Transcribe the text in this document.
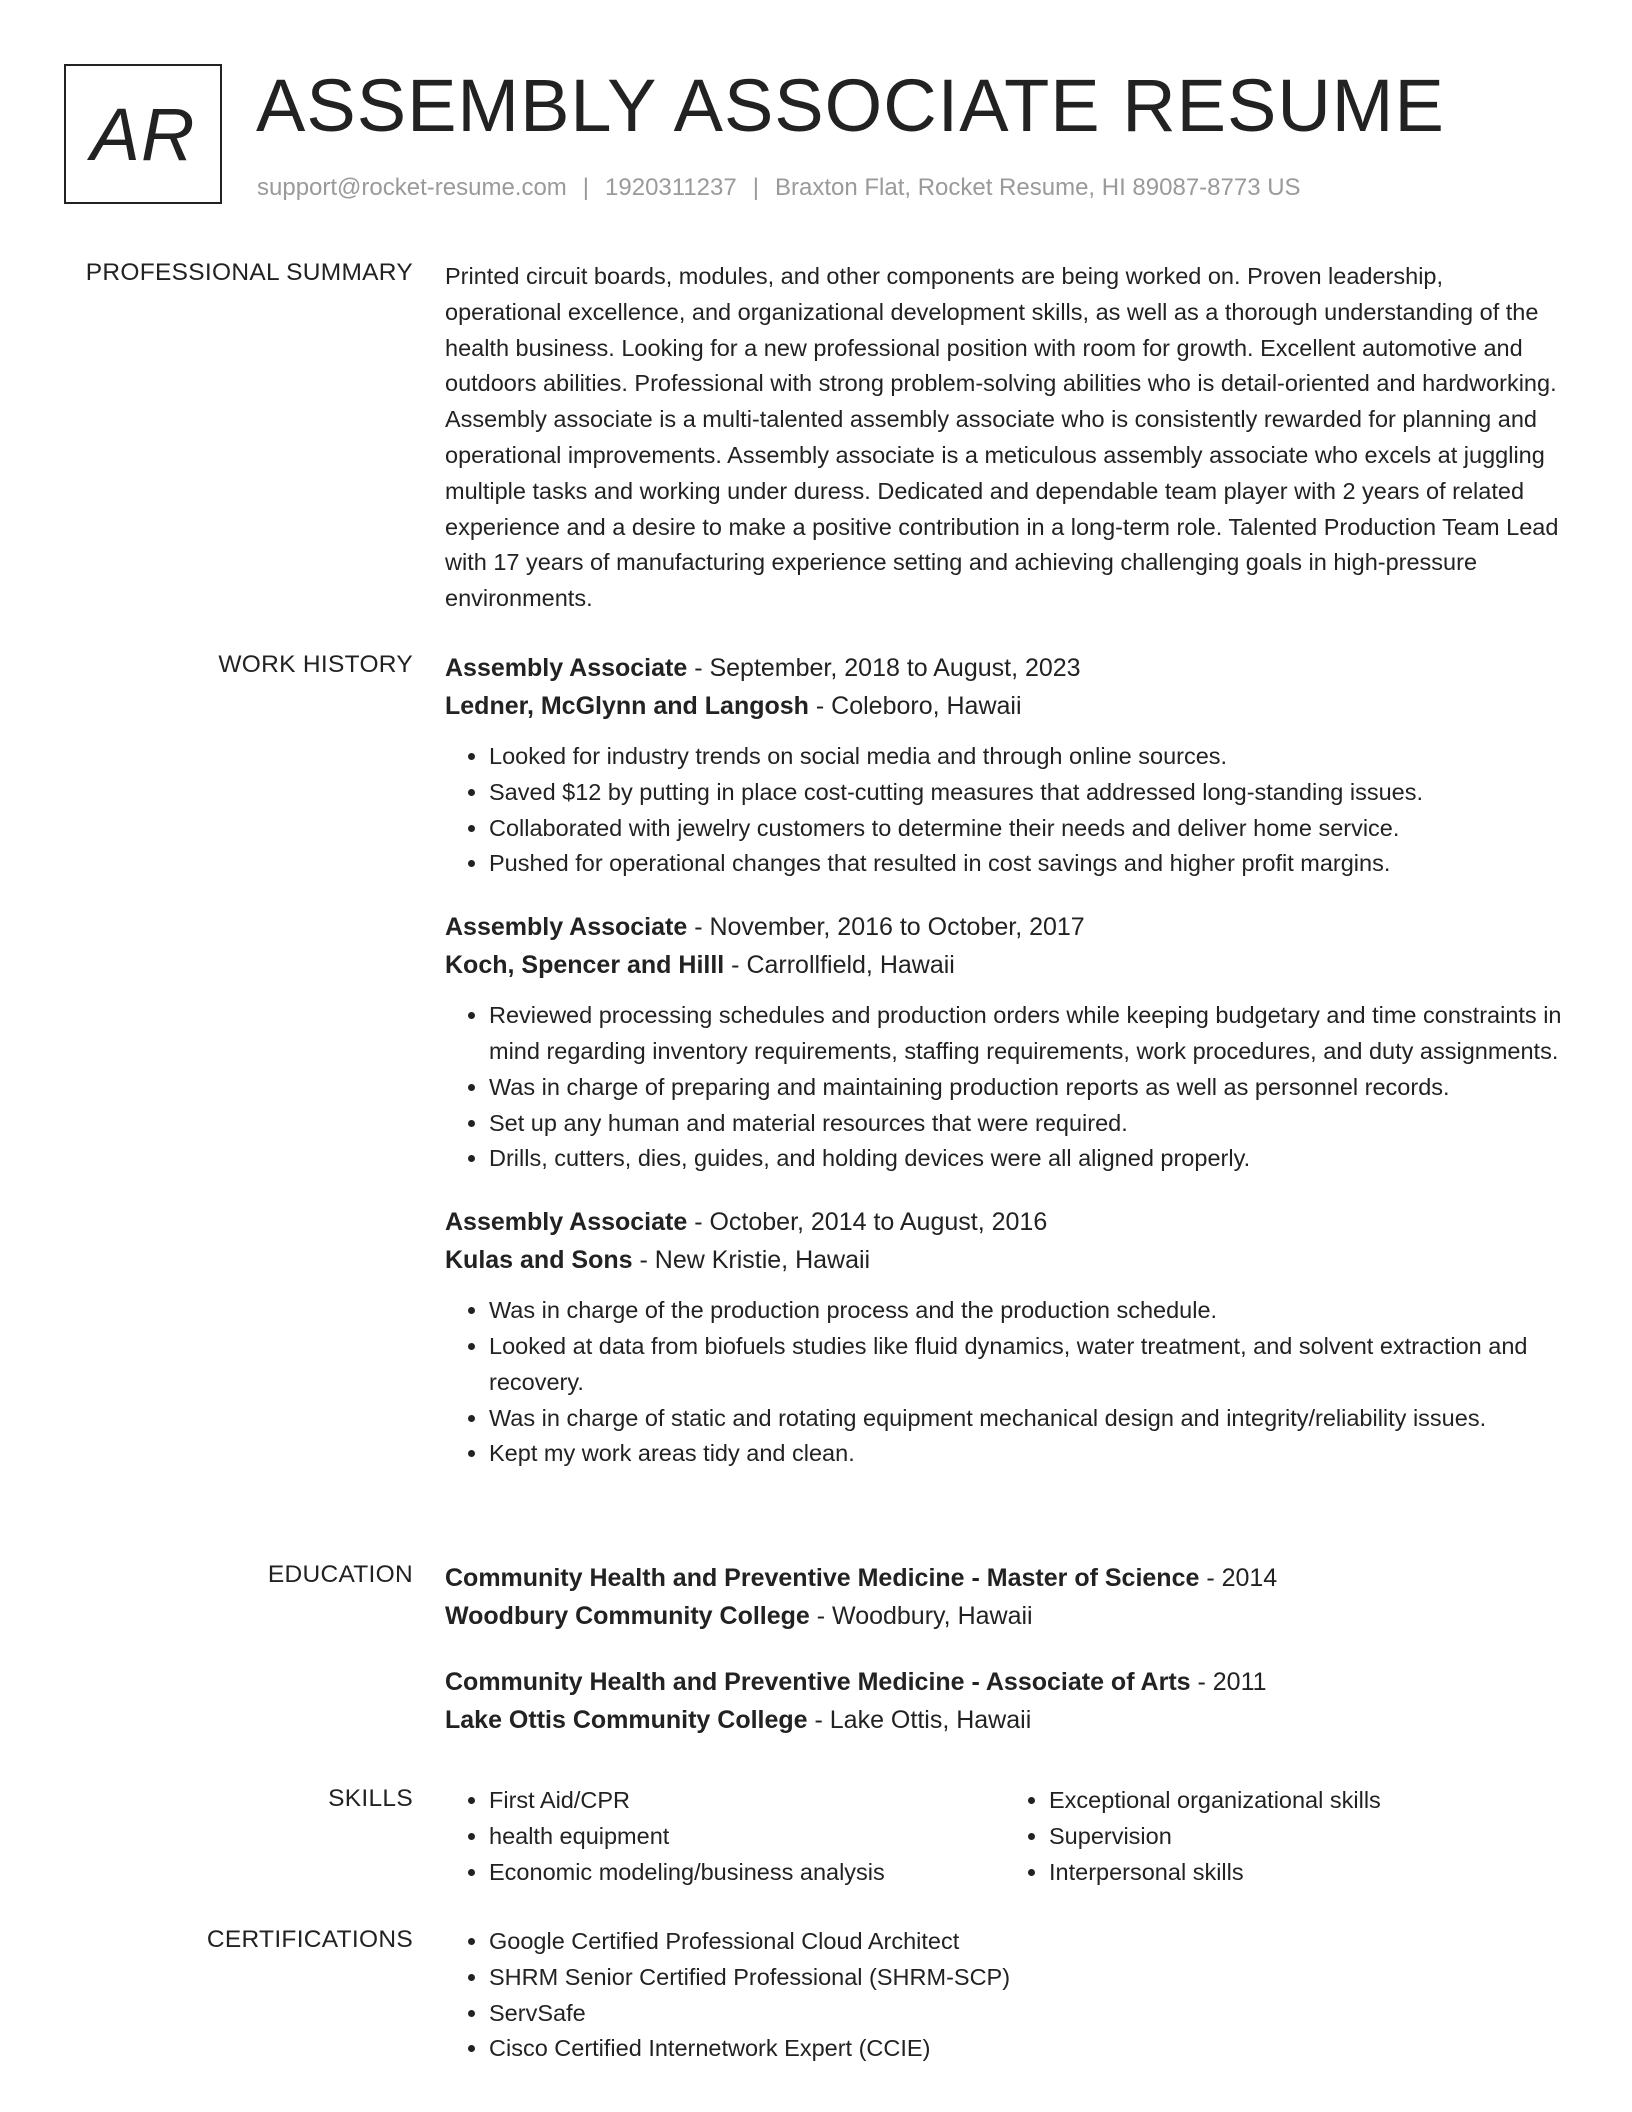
AR ASSEMBLY ASSOCIATE RESUME
support@rocket-resume.com | 1920311237 | Braxton Flat, Rocket Resume, HI 89087-8773 US
PROFESSIONAL SUMMARY Printed circuit boards, modules, and other components are being worked on. Proven leadership, operational excellence, and organizational development skills, as well as a thorough understanding of the health business. Looking for a new professional position with room for growth. Excellent automotive and outdoors abilities. Professional with strong problem-solving abilities who is detail-oriented and hardworking. Assembly associate is a multi-talented assembly associate who is consistently rewarded for planning and operational improvements. Assembly associate is a meticulous assembly associate who excels at juggling multiple tasks and working under duress. Dedicated and dependable team player with 2 years of related experience and a desire to make a positive contribution in a long-term role. Talented Production Team Lead with 17 years of manufacturing experience setting and achieving challenging goals in high-pressure environments.

WORK HISTORY Assembly Associate - September, 2018 to August, 2023
Ledner, McGlynn and Langosh - Coleboro, Hawaii
• Looked for industry trends on social media and through online sources.
• Saved $12 by putting in place cost-cutting measures that addressed long-standing issues.
• Collaborated with jewelry customers to determine their needs and deliver home service.
• Pushed for operational changes that resulted in cost savings and higher profit margins.
Assembly Associate - November, 2016 to October, 2017
Koch, Spencer and Hilll - Carrollfield, Hawaii
• Reviewed processing schedules and production orders while keeping budgetary and time constraints in mind regarding inventory requirements, staffing requirements, work procedures, and duty assignments.
• Was in charge of preparing and maintaining production reports as well as personnel records.
• Set up any human and material resources that were required.
• Drills, cutters, dies, guides, and holding devices were all aligned properly.
Assembly Associate - October, 2014 to August, 2016
Kulas and Sons - New Kristie, Hawaii
• Was in charge of the production process and the production schedule.
• Looked at data from biofuels studies like fluid dynamics, water treatment, and solvent extraction and recovery.
• Was in charge of static and rotating equipment mechanical design and integrity/reliability issues.
• Kept my work areas tidy and clean.
EDUCATION Community Health and Preventive Medicine - Master of Science - 2014
Woodbury Community College - Woodbury, Hawaii
Community Health and Preventive Medicine - Associate of Arts - 2011
Lake Ottis Community College - Lake Ottis, Hawaii
SKILLS	• First Aid/CPR
• health equipment
• Economic modeling/business analysis
• Exceptional organizational skills
• Supervision
• Interpersonal skills
CERTIFICATIONS	• Google Certified Professional Cloud Architect
• SHRM Senior Certified Professional (SHRM-SCP)
• ServSafe
• Cisco Certified Internetwork Expert (CCIE)
